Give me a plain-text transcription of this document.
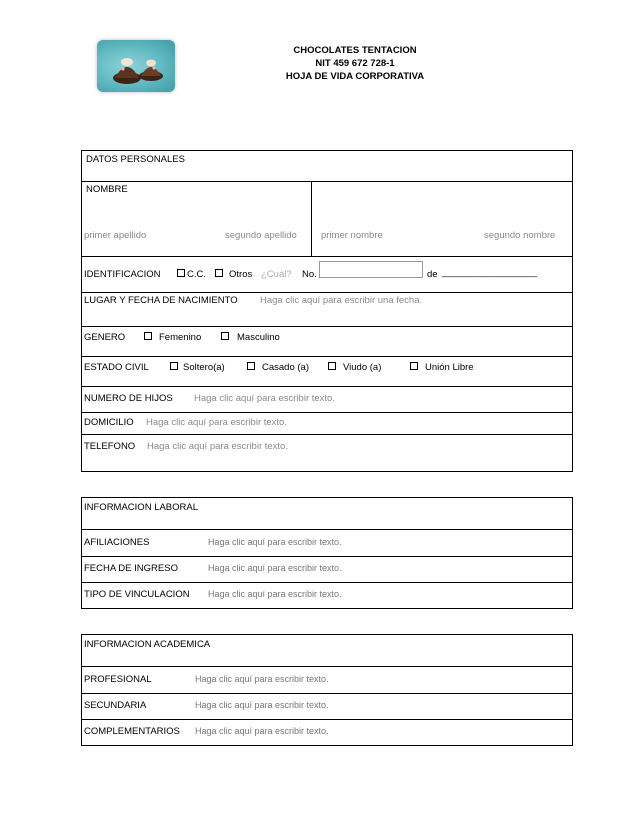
CHOCOLATES TENTACION
NIT 459 672 728-1
HOJA DE VIDA CORPORATIVA
DATOS PERSONALES
NOMBRE
primer apellido	segundo apellido	primer nombre	segundo nombre
IDENTIFICACION	C.C. Otros ¿Cuál? No.	de __________________
LUGAR Y FECHA DE NACIMIENTO Haga clic aquí para escribir una fecha.
GENERO	Femenino	Masculino
ESTADO CIVIL	Soltero(a)	Casado (a)	Viudo (a)	Unión Libre
NUMERO DE HIJOS Haga clic aquí para escribir texto.
DOMICILIO Haga clic aquí para escribir texto.
TELEFONO Haga clic aquí para escribir texto.
INFORMACION LABORAL
AFILIACIONES	Haga clic aquí para escribir texto.
FECHA DE INGRESO	Haga clic aquí para escribir texto.
TIPO DE VINCULACION Haga clic aquí para escribir texto.
INFORMACION ACADEMICA
PROFESIONAL	Haga clic aquí para escribir texto.
SECUNDARIA	Haga clic aquí para escribir texto.
COMPLEMENTARIOS Haga clic aquí para escribir texto.
